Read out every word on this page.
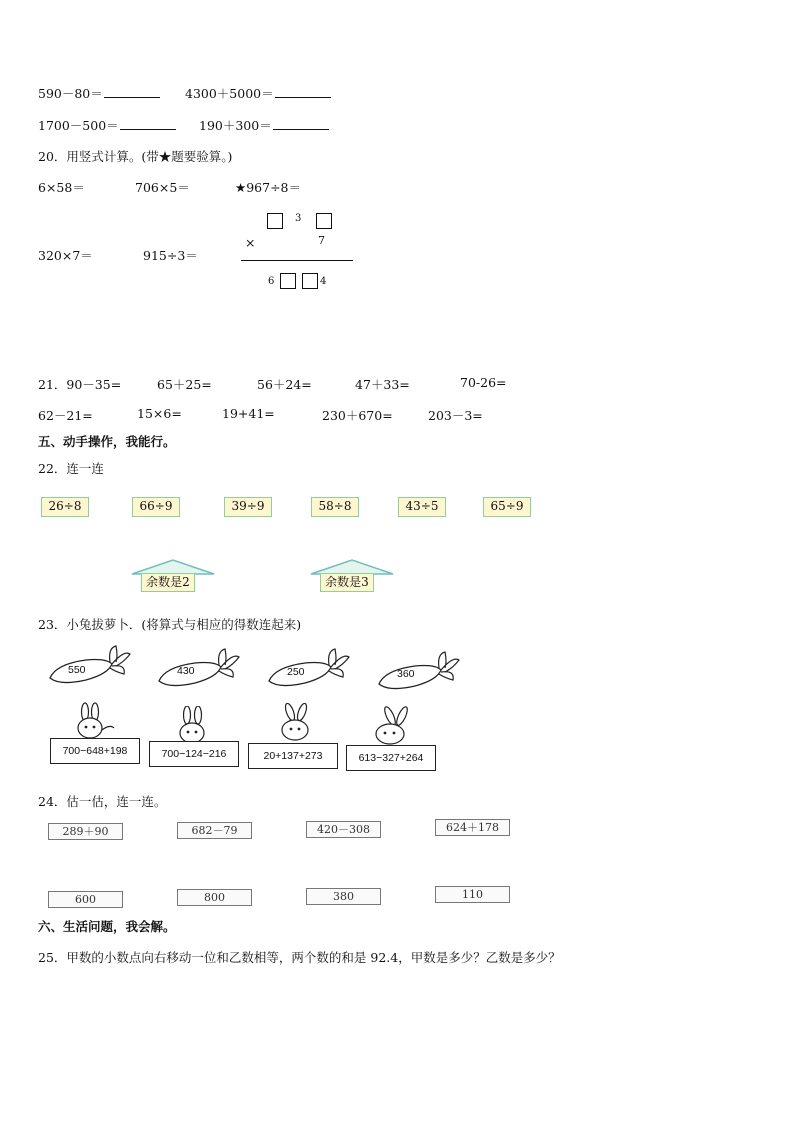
590－80＝	4300＋5000＝
1700－500＝	190＋300＝
20．用竖式计算。(带★题要验算。)
6×58＝	706×5＝	★967÷8＝
320×7＝	915÷3＝
3
×	7
6	4
21．90－35=	65＋25=	56＋24=	47＋33=	70-26=
62－21=	15×6=	19+41=	230＋670=	203－3=
五、动手操作，我能行。
22．连一连
26÷8	66÷9	39÷9	58÷8	43÷5	65÷9
余数是2	余数是3
23．小兔拔萝卜．(将算式与相应的得数连起来)
550	430	250	360
700−648+198	700−124−216	20+137+273	613−327+264
24．估一估，连一连。
289＋90	682－79	420－308	624＋178
600	800	380	110
六、生活问题，我会解。
25．甲数的小数点向右移动一位和乙数相等，两个数的和是 92.4，甲数是多少？乙数是多少？
